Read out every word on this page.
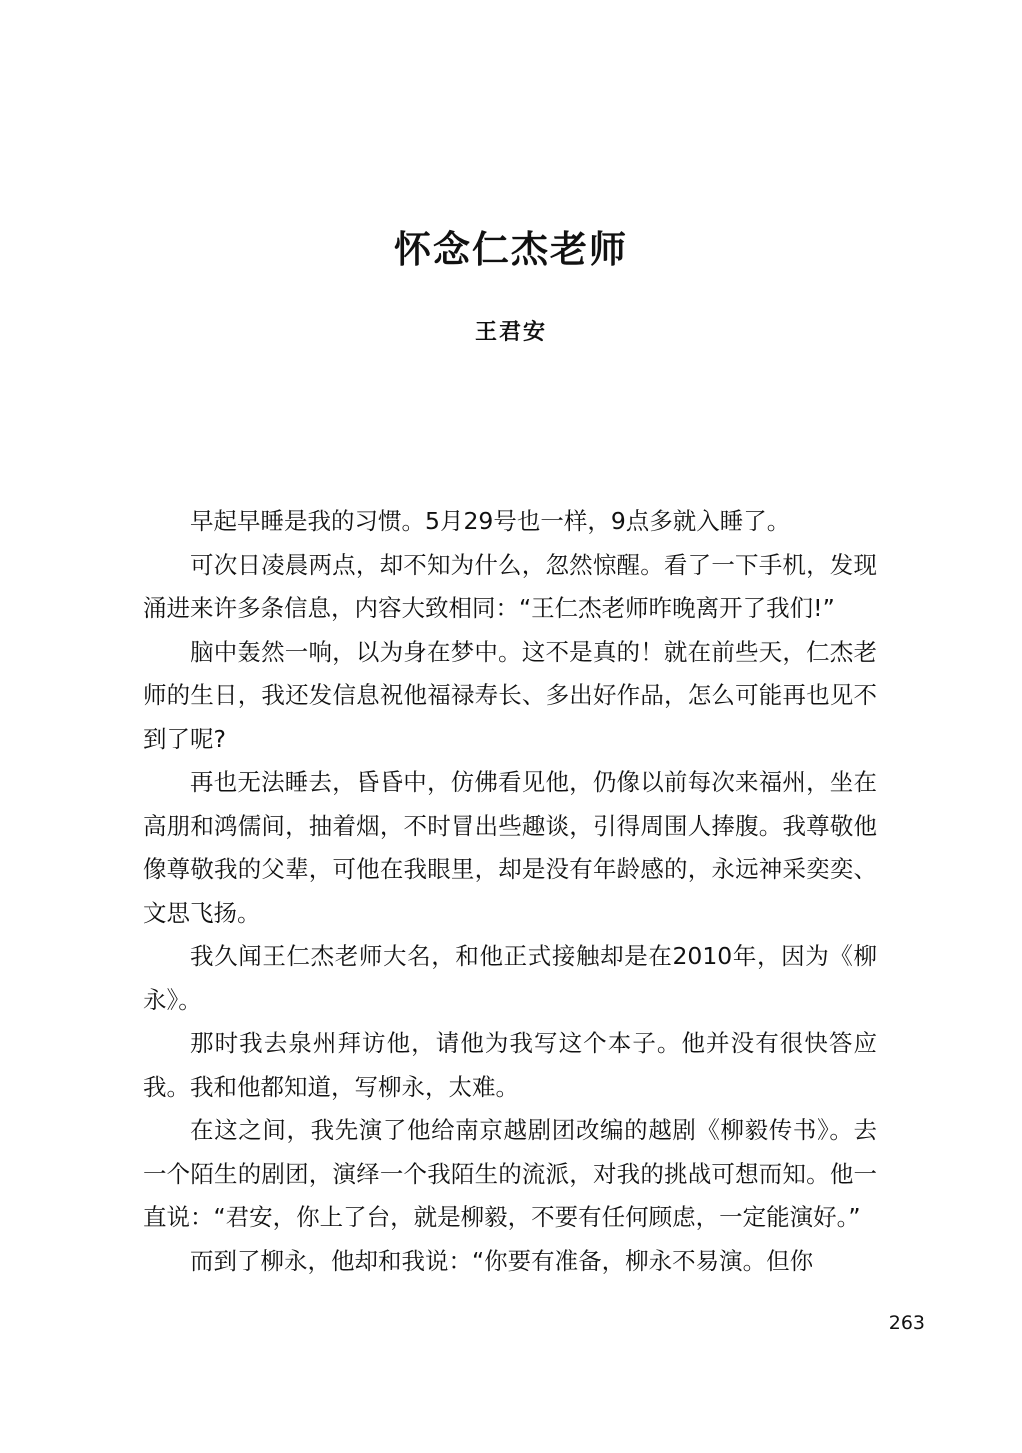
怀念仁杰老师
王君安

早起早睡是我的习惯。5月29号也一样，9点多就入睡了。

可次日凌晨两点，却不知为什么，忽然惊醒。看了一下手机，发现涌进来许多条信息，内容大致相同：“王仁杰老师昨晚离开了我们!”

脑中轰然一响，以为身在梦中。这不是真的！就在前些天，仁杰老师的生日，我还发信息祝他福禄寿长、多出好作品，怎么可能再也见不到了呢?

再也无法睡去，昏昏中，仿佛看见他，仍像以前每次来福州，坐在高朋和鸿儒间，抽着烟，不时冒出些趣谈，引得周围人捧腹。我尊敬他像尊敬我的父辈，可他在我眼里，却是没有年龄感的，永远神采奕奕、文思飞扬。

我久闻王仁杰老师大名，和他正式接触却是在2010年，因为《柳永》。

那时我去泉州拜访他，请他为我写这个本子。他并没有很快答应我。我和他都知道，写柳永，太难。

在这之间，我先演了他给南京越剧团改编的越剧《柳毅传书》。去一个陌生的剧团，演绎一个我陌生的流派，对我的挑战可想而知。他一直说：“君安，你上了台，就是柳毅，不要有任何顾虑，一定能演好。”

而到了柳永，他却和我说：“你要有准备，柳永不易演。但你

263
